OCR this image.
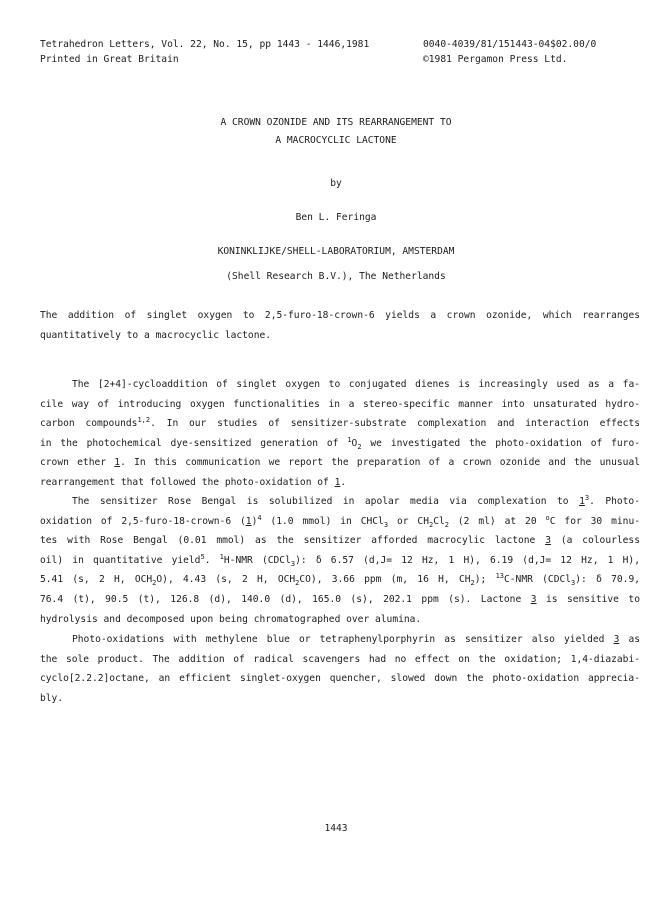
Tetrahedron Letters, Vol. 22, No. 15, pp 1443 - 1446,1981
Printed in Great Britain
0040-4039/81/151443-04$02.00/0
©1981 Pergamon Press Ltd.
A CROWN OZONIDE AND ITS REARRANGEMENT TO
A MACROCYCLIC LACTONE
by
Ben L. Feringa
KONINKLIJKE/SHELL-LABORATORIUM, AMSTERDAM
(Shell Research B.V.), The Netherlands
The addition of singlet oxygen to 2,5-furo-18-crown-6 yields a crown ozonide, which rearranges
quantitatively to a macrocyclic lactone.
The [2+4]-cycloaddition of singlet oxygen to conjugated dienes is increasingly used as a fa-
cile way of introducing oxygen functionalities in a stereo-specific manner into unsaturated hydro-
carbon compounds$^{1,2}$. In our studies of sensitizer-substrate complexation and interaction effects
in the photochemical dye-sensitized generation of $^1O_2$ we investigated the photo-oxidation of furo-
crown ether 1. In this communication we report the preparation of a crown ozonide and the unusual
rearrangement that followed the photo-oxidation of 1.
The sensitizer Rose Bengal is solubilized in apolar media via complexation to $1^3$. Photo-
oxidation of 2,5-furo-18-crown-6 $(1)^4$ (1.0 mmol) in CHCl$_3$ or $CH_2Cl_2$ (2 ml) at 20 $^o$C for 30 minu-
tes with Rose Bengal (0.01 mmol) as the sensitizer afforded macrocylic lactone 3 (a colourless
oil) in quantitative yield$^5$. $^1$H-NMR (CDCl$_3$): δ 6.57 (d,J= 12 Hz, 1 H), 6.19 (d,J= 12 Hz, 1 H),
5.41 (s, 2 H, $OCH_2O$), 4.43 (s, 2 H, $OCH_2CO$), 3.66 ppm (m, 16 H, $CH_2$); $^{13}$C-NMR (CDCl$_3$): δ 70.9,
76.4 (t), 90.5 (t), 126.8 (d), 140.0 (d), 165.0 (s), 202.1 ppm (s). Lactone 3 is sensitive to
hydrolysis and decomposed upon being chromatographed over alumina.
Photo-oxidations with methylene blue or tetraphenylporphyrin as sensitizer also yielded 3 as
the sole product. The addition of radical scavengers had no effect on the oxidation; 1,4-diazabi-
cyclo[2.2.2]octane, an efficient singlet-oxygen quencher, slowed down the photo-oxidation apprecia-
bly.
1443
